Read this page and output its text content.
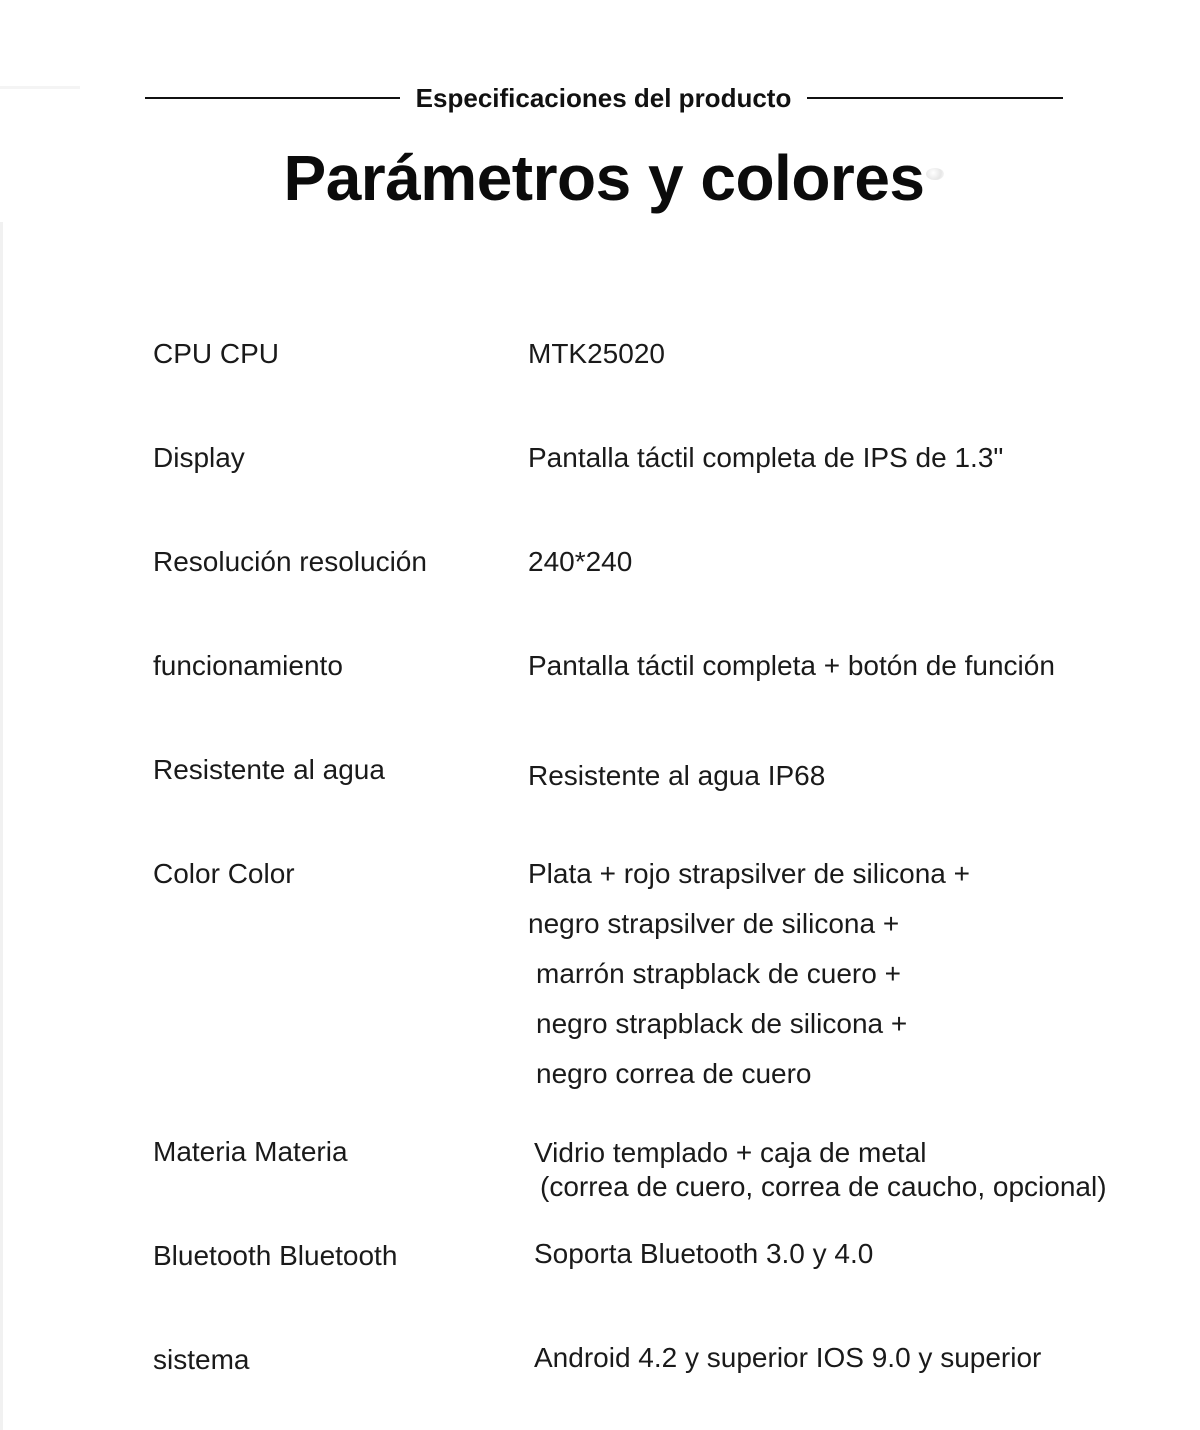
Especificaciones del producto
Parámetros y colores
CPU CPU	MTK25020
Display	Pantalla táctil completa de IPS de 1.3"
Resolución resolución	240*240
funcionamiento	Pantalla táctil completa + botón de función
Resistente al agua	Resistente al agua IP68
Color Color	Plata + rojo strapsilver de silicona +
negro strapsilver de silicona +
marrón strapblack de cuero +
negro strapblack de silicona +
negro correa de cuero
Materia Materia	Vidrio templado + caja de metal
(correa de cuero, correa de caucho, opcional)
Bluetooth Bluetooth	Soporta Bluetooth 3.0 y 4.0
sistema	Android 4.2 y superior IOS 9.0 y superior
